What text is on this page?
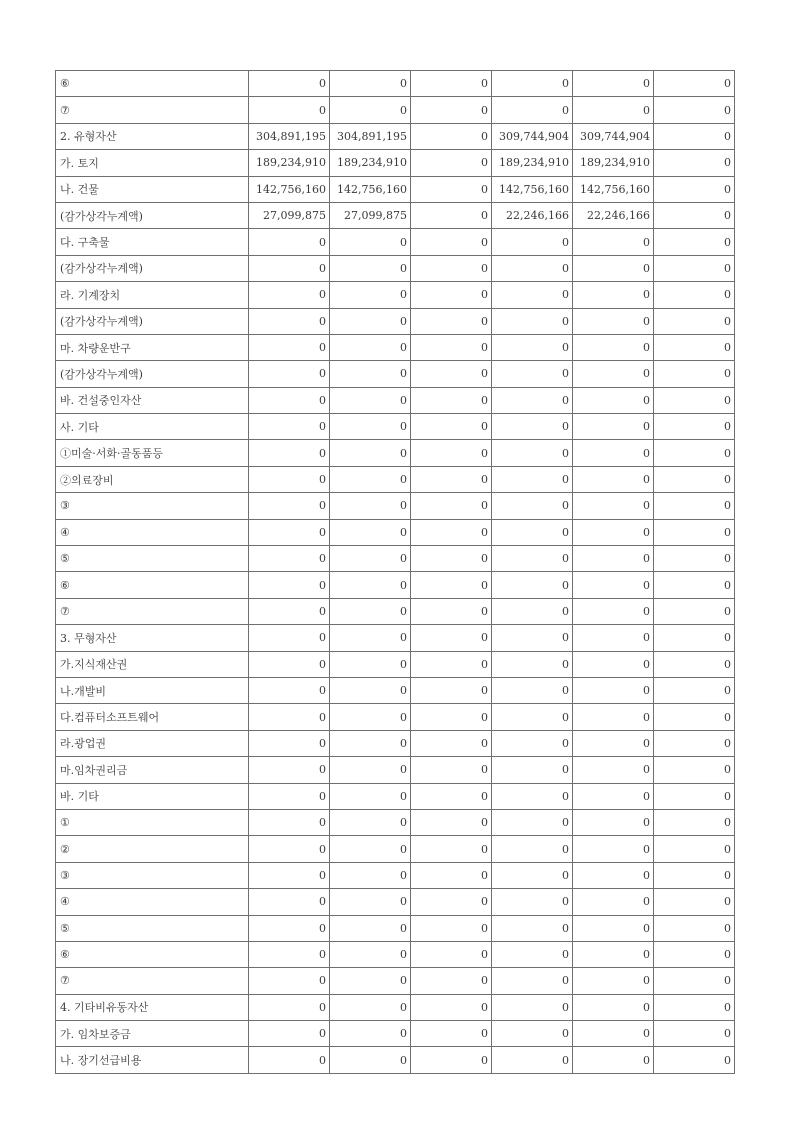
⑥	0	0	0	0	0	0
⑦	0	0	0	0	0	0
2. 유형자산	304,891,195	304,891,195	0	309,744,904	309,744,904	0
가. 토지	189,234,910	189,234,910	0	189,234,910	189,234,910	0
나. 건물	142,756,160	142,756,160	0	142,756,160	142,756,160	0
(감가상각누계액)	27,099,875	27,099,875	0	22,246,166	22,246,166	0
다. 구축물	0	0	0	0	0	0
(감가상각누계액)	0	0	0	0	0	0
라. 기계장치	0	0	0	0	0	0
(감가상각누계액)	0	0	0	0	0	0
마. 차량운반구	0	0	0	0	0	0
(감가상각누계액)	0	0	0	0	0	0
바. 건설중인자산	0	0	0	0	0	0
사. 기타	0	0	0	0	0	0
①미술·서화·골동품등	0	0	0	0	0	0
②의료장비	0	0	0	0	0	0
③	0	0	0	0	0	0
④	0	0	0	0	0	0
⑤	0	0	0	0	0	0
⑥	0	0	0	0	0	0
⑦	0	0	0	0	0	0
3. 무형자산	0	0	0	0	0	0
가.지식재산권	0	0	0	0	0	0
나.개발비	0	0	0	0	0	0
다.컴퓨터소프트웨어	0	0	0	0	0	0
라.광업권	0	0	0	0	0	0
마.임차권리금	0	0	0	0	0	0
바. 기타	0	0	0	0	0	0
①	0	0	0	0	0	0
②	0	0	0	0	0	0
③	0	0	0	0	0	0
④	0	0	0	0	0	0
⑤	0	0	0	0	0	0
⑥	0	0	0	0	0	0
⑦	0	0	0	0	0	0
4. 기타비유동자산	0	0	0	0	0	0
가. 임차보증금	0	0	0	0	0	0
나. 장기선급비용	0	0	0	0	0	0
